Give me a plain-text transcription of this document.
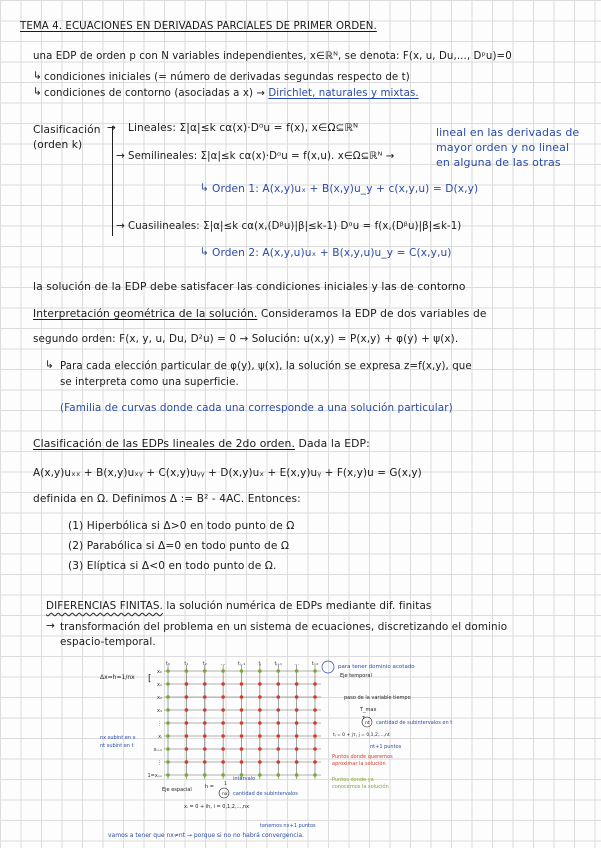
TEMA 4. ECUACIONES EN DERIVADAS PARCIALES DE PRIMER ORDEN.
una EDP de orden p con N variables independientes, x∈ℝᴺ, se denota: F(x, u, Du,..., Dᵖu)=0
↳ condiciones iniciales (= número de derivadas segundas respecto de t)
↳ condiciones de contorno (asociadas a x) → Dirichlet, naturales y mixtas.
Clasificación
(orden k)
→ Lineales: Σ|α|≤k cα(x)·Dᵅu = f(x), x∈Ω⊆ℝᴺ
→ Semilineales: Σ|α|≤k cα(x)·Dᵅu = f(x,u). x∈Ω⊆ℝᴺ →
lineal en las derivadas de
mayor orden y no lineal
en alguna de las otras
↳ Orden 1: A(x,y)uₓ + B(x,y)u_y + c(x,y,u) = D(x,y)
→ Cuasilineales: Σ|α|≤k cα(x,(Dᵝu)|β|≤k-1) Dᵅu = f(x,(Dᵝu)|β|≤k-1)
↳ Orden 2: A(x,y,u)uₓ + B(x,y,u)u_y = C(x,y,u)
la solución de la EDP debe satisfacer las condiciones iniciales y las de contorno
Interpretación geométrica de la solución. Consideramos la EDP de dos variables de
segundo orden: F(x, y, u, Du, D²u) = 0 → Solución: u(x,y) = P(x,y) + φ(y) + ψ(x).
↳ Para cada elección particular de φ(y), ψ(x), la solución se expresa z=f(x,y), que
se interpreta como una superficie.
(Familia de curvas donde cada una corresponde a una solución particular)
Clasificación de las EDPs lineales de 2do orden. Dada la EDP:
A(x,y)uₓₓ + B(x,y)uₓᵧ + C(x,y)uᵧᵧ + D(x,y)uₓ + E(x,y)uᵧ + F(x,y)u = G(x,y)
definida en Ω. Definimos Δ := B² - 4AC. Entonces:
(1) Hiperbólica si Δ>0 en todo punto de Ω
(2) Parabólica si Δ=0 en todo punto de Ω
(3) Elíptica si Δ<0 en todo punto de Ω.
DIFERENCIAS FINITAS. la solución numérica de EDPs mediante dif. finitas
→ transformación del problema en un sistema de ecuaciones, discretizando el dominio
espacio-temporal.
t₀	t₁	t₂	... tⱼ₋₁	tⱼ	tⱼ₊₁ ...	tₘₜ
x₀
x₁
x₂
x₃
⋮
xᵢ
xᵢ₊₁
⋮
1=xₙₓ
Δx=h=1/nx [
para tener dominio acotado
Eje temporal
paso de la variable tiempo
T_max
τ
nt cantidad de subintervalos en t
tⱼ = 0 + jτ, j = 0,1,2,...,nt
nt+1 puntos
nx subint en x
nt subint en t
Puntos donde queremos
aproximar la solución
Puntos donde ya
conocemos la solución
Eje espacial	h = 1
nx
intervalo
cantidad de subintervalos
xᵢ = 0 + ih, i = 0,1,2,...,nx
tenemos nx+1 puntos
vamos a tener que nx≠nt → porque si no no habrá convergencia.
